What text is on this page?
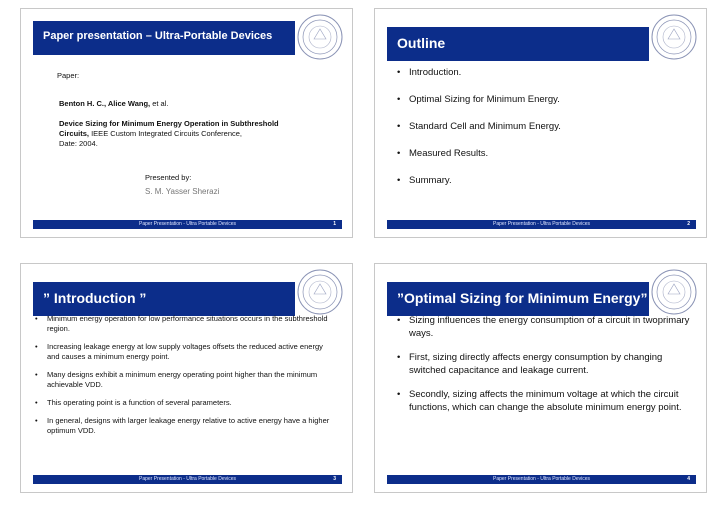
Paper presentation – Ultra-Portable Devices
Paper:
Benton H. C., Alice Wang, et al.
Device Sizing for Minimum Energy Operation in Subthreshold
Circuits, IEEE Custom Integrated Circuits Conference,
Date: 2004.
Presented by:
S. M. Yasser Sherazi
Paper Presentation - Ultra Portable Devices	1
Outline
• Introduction.
• Optimal Sizing for Minimum Energy.
• Standard Cell and Minimum Energy.
• Measured Results.
• Summary.
Paper Presentation - Ultra Portable Devices	2
” Introduction ”
• Minimum energy operation for low performance situations occurs in the subthreshold region.
• Increasing leakage energy at low supply voltages offsets the reduced active energy and causes a minimum energy point.
• Many designs exhibit a minimum energy operating point higher than the minimum achievable VDD.
• This operating point is a function of several parameters.
• In general, designs with larger leakage energy relative to active energy have a higher optimum VDD.
Paper Presentation - Ultra Portable Devices	3
”Optimal Sizing for Minimum Energy”
• Sizing influences the energy consumption of a circuit in twoprimary ways.
• First, sizing directly affects energy consumption by changing switched capacitance and leakage current.
• Secondly, sizing affects the minimum voltage at which the circuit functions, which can change the absolute minimum energy point.
Paper Presentation - Ultra Portable Devices	4
